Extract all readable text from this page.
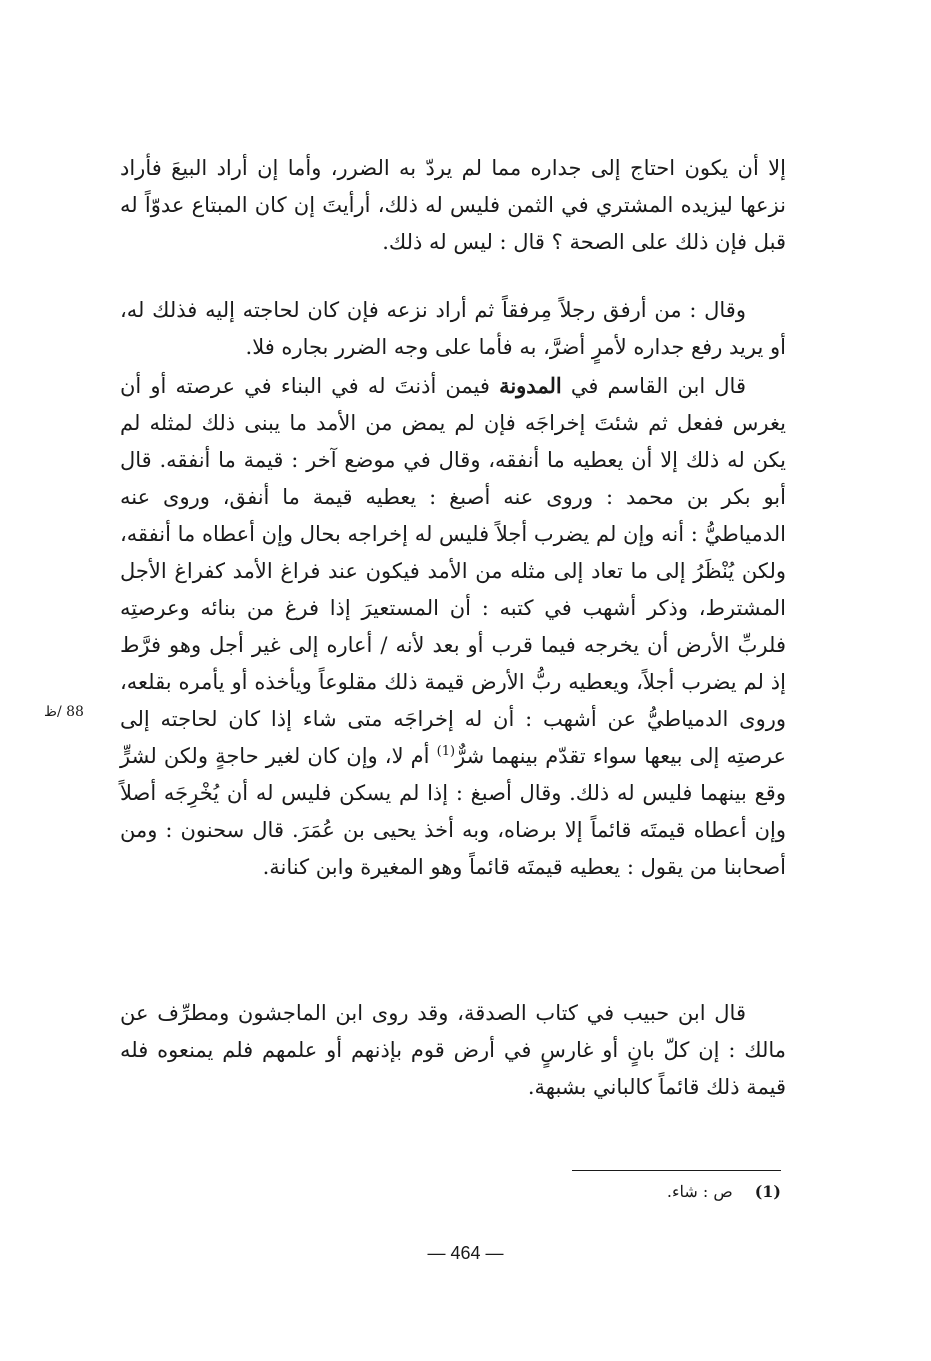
إلا أن يكون احتاج إلى جداره مما لم يردّ به الضرر، وأما إن أراد البيعَ فأراد نزعها ليزيده المشتري في الثمن فليس له ذلك، أرأيتَ إن كان المبتاع عدوّاً له قبل فإن ذلك على الصحة ؟ قال : ليس له ذلك.

وقال : من أرفق رجلاً مِرفقاً ثم أراد نزعه فإن كان لحاجته إليه فذلك له، أو يريد رفع جداره لأمرٍ أضرَّ، به فأما على وجه الضرر بجاره فلا.

قال ابن القاسم في المدونة فيمن أذنتَ له في البناء في عرصته أو أن يغرس ففعل ثم شئتَ إخراجَه فإن لم يمض من الأمد ما يبنى ذلك لمثله لم يكن له ذلك إلا أن يعطيه ما أنفقه، وقال في موضع آخر : قيمة ما أنفقه. قال أبو بكر بن محمد : وروى عنه أصبغ : يعطيه قيمة ما أنفق، وروى عنه الدمياطيُّ : أنه وإن لم يضرب أجلاً فليس له إخراجه بحال وإن أعطاه ما أنفقه، ولكن يُنْظَرُ إلى ما تعاد إلى مثله من الأمد فيكون عند فراغ الأمد كفراغ الأجل المشترط، وذكر أشهب في كتبه : أن المستعيرَ إذا فرغ من بنائه وعرصتِه فلربِّ الأرض أن يخرجه فيما قرب أو بعد لأنه / أعاره إلى غير أجل وهو فرَّط إذ لم يضرب أجلاً، ويعطيه ربُّ الأرض قيمة ذلك مقلوعاً ويأخذه أو يأمره بقلعه، وروى الدمياطيُّ عن أشهب : أن له إخراجَه متى شاء إذا كان لحاجته إلى عرصتِه إلى بيعها سواء تقدّم بينهما شرٌّ$^{(1)}$ أم لا، وإن كان لغير حاجةٍ ولكن لشرٍّ وقع بينهما فليس له ذلك. وقال أصبغ : إذا لم يسكن فليس له أن يُخْرِجَه أصلاً وإن أعطاه قيمتَه قائماً إلا برضاه، وبه أخذ يحيى بن عُمَرَ. قال سحنون : ومن أصحابنا من يقول : يعطيه قيمتَه قائماً وهو المغيرة وابن كنانة.

88 /ظ

قال ابن حبيب في كتاب الصدقة، وقد روى ابن الماجشون ومطرِّف عن مالك : إن كلّ بانٍ أو غارسٍ في أرض قوم بإذنهم أو علمهم فلم يمنعوه فله قيمة ذلك قائماً كالباني بشبهة.

(1)ص : شاء.
— 464 —
